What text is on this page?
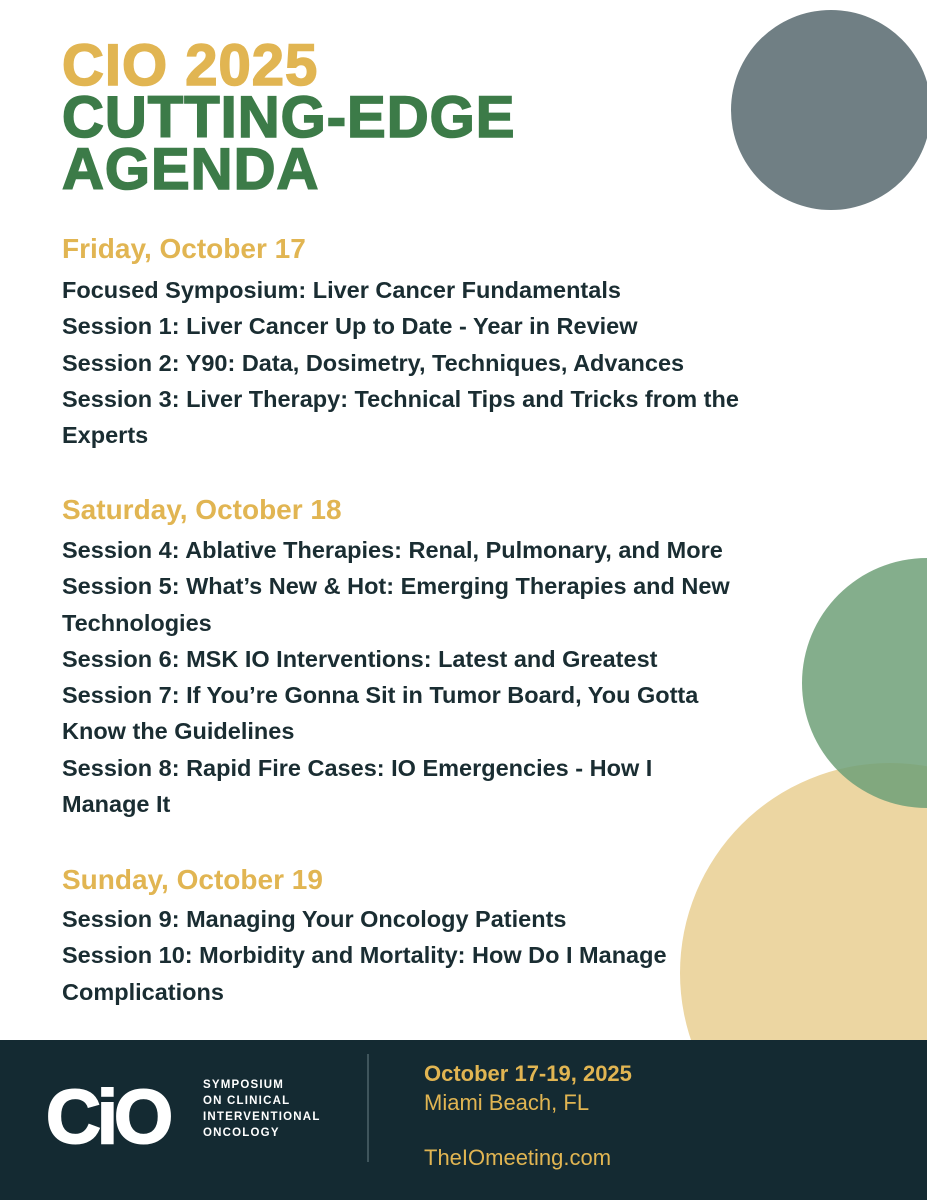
CIO 2025
CUTTING-EDGE
AGENDA
Friday, October 17
Focused Symposium: Liver Cancer Fundamentals
Session 1: Liver Cancer Up to Date - Year in Review
Session 2: Y90: Data, Dosimetry, Techniques, Advances
Session 3: Liver Therapy: Technical Tips and Tricks from the
Experts
Saturday, October 18
Session 4: Ablative Therapies: Renal, Pulmonary, and More
Session 5: What’s New & Hot: Emerging Therapies and New
Technologies
Session 6: MSK IO Interventions: Latest and Greatest
Session 7: If You’re Gonna Sit in Tumor Board, You Gotta
Know the Guidelines
Session 8: Rapid Fire Cases: IO Emergencies - How I
Manage It
Sunday, October 19
Session 9: Managing Your Oncology Patients
Session 10: Morbidity and Mortality: How Do I Manage
Complications
CiO	SYMPOSIUM
ON CLINICAL
INTERVENTIONAL
ONCOLOGY
October 17-19, 2025
Miami Beach, FL
TheIOmeeting.com
